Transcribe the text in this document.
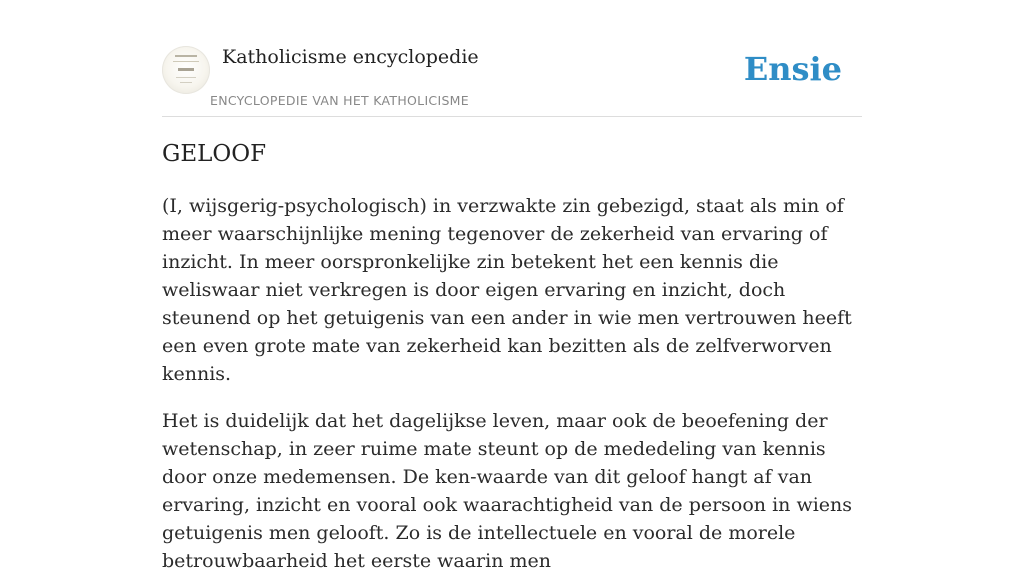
Katholicisme encyclopedie
ENCYCLOPEDIE VAN HET KATHOLICISME
Ensie
GELOOF

(I, wijsgerig-psychologisch) in verzwakte zin gebezigd, staat als min of meer waarschijnlijke mening tegenover de zekerheid van ervaring of inzicht. In meer oorspronkelijke zin betekent het een kennis die weliswaar niet verkregen is door eigen ervaring en inzicht, doch steunend op het getuigenis van een ander in wie men vertrouwen heeft een even grote mate van zekerheid kan bezitten als de zelfverworven kennis.

Het is duidelijk dat het dagelijkse leven, maar ook de beoefening der wetenschap, in zeer ruime mate steunt op de mededeling van kennis door onze medemensen. De ken-waarde van dit geloof hangt af van ervaring, inzicht en vooral ook waarachtigheid van de persoon in wiens getuigenis men gelooft. Zo is de intellectuele en vooral de morele betrouwbaarheid het eerste waarin men
